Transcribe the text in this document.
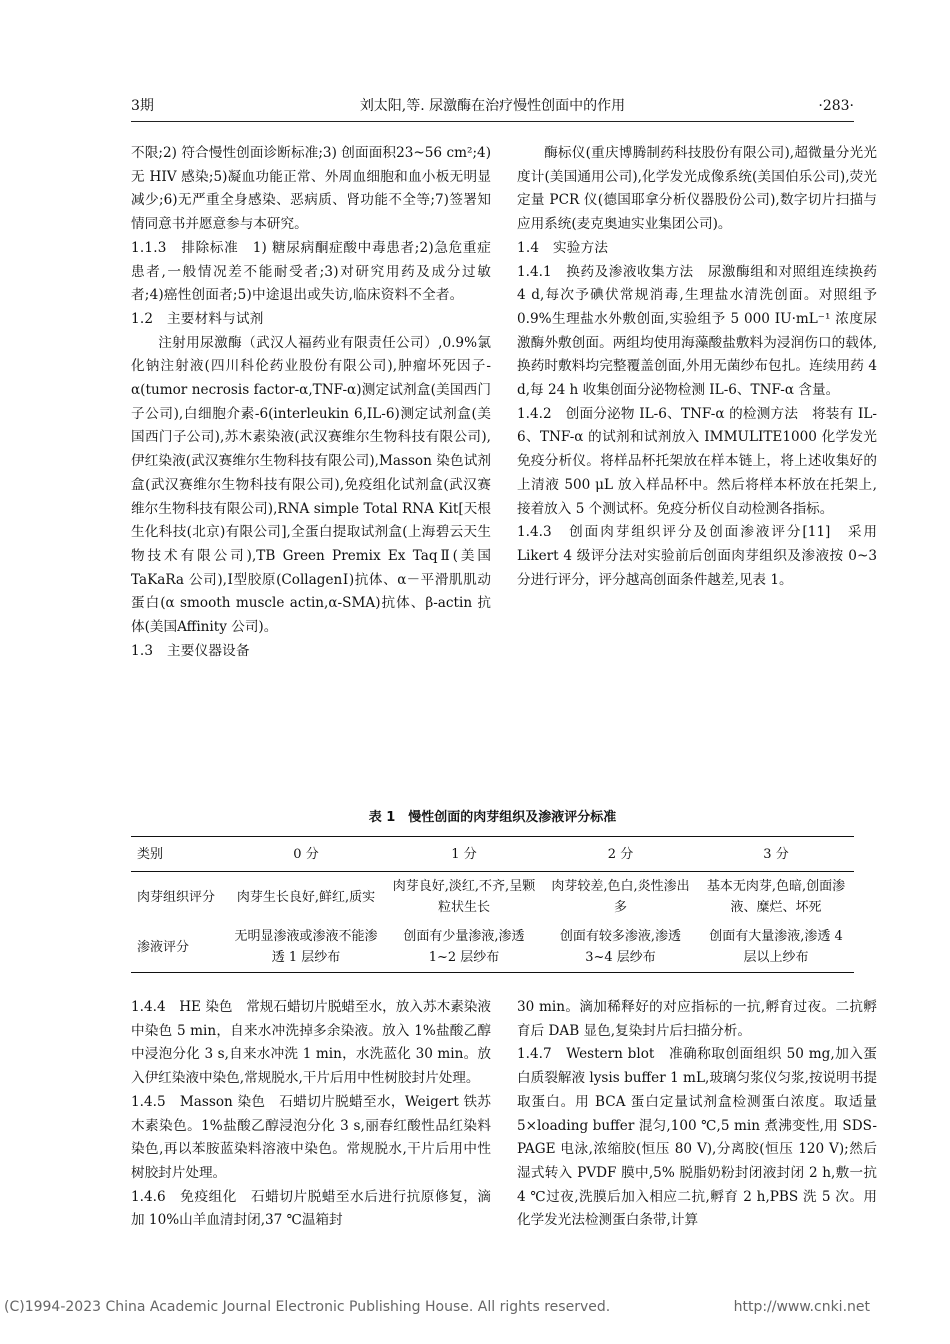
3期	刘太阳,等. 尿激酶在治疗慢性创面中的作用	·283·

不限;2) 符合慢性创面诊断标准;3) 创面面积23~56 cm²;4)无 HIV 感染;5)凝血功能正常、外周血细胞和血小板无明显减少;6)无严重全身感染、恶病质、肾功能不全等;7)签署知情同意书并愿意参与本研究。

1.1.3　排除标准　1) 糖尿病酮症酸中毒患者;2)急危重症患者,一般情况差不能耐受者;3)对研究用药及成分过敏者;4)癌性创面者;5)中途退出或失访,临床资料不全者。

1.2　主要材料与试剂

注射用尿激酶（武汉人福药业有限责任公司）,0.9%氯化钠注射液(四川科伦药业股份有限公司),肿瘤坏死因子-α(tumor necrosis factor-α,TNF-α)测定试剂盒(美国西门子公司),白细胞介素-6(interleukin 6,IL-6)测定试剂盒(美国西门子公司),苏木素染液(武汉赛维尔生物科技有限公司),伊红染液(武汉赛维尔生物科技有限公司),Masson 染色试剂盒(武汉赛维尔生物科技有限公司),免疫组化试剂盒(武汉赛维尔生物科技有限公司),RNA simple Total RNA Kit[天根生化科技(北京)有限公司],全蛋白提取试剂盒(上海碧云天生物技术有限公司),TB Green Premix Ex TaqⅡ(美国 TaKaRa 公司),Ⅰ型胶原(CollagenⅠ)抗体、α－平滑肌肌动蛋白(α smooth muscle actin,α-SMA)抗体、β-actin 抗体(美国Affinity 公司)。

1.3　主要仪器设备

酶标仪(重庆博腾制药科技股份有限公司),超微量分光光度计(美国通用公司),化学发光成像系统(美国伯乐公司),荧光定量 PCR 仪(德国耶拿分析仪器股份公司),数字切片扫描与应用系统(麦克奥迪实业集团公司)。

1.4　实验方法

1.4.1　换药及渗液收集方法　尿激酶组和对照组连续换药 4 d,每次予碘伏常规消毒,生理盐水清洗创面。对照组予 0.9%生理盐水外敷创面,实验组予 5 000 IU·mL⁻¹ 浓度尿激酶外敷创面。两组均使用海藻酸盐敷料为浸润伤口的载体,换药时敷料均完整覆盖创面,外用无菌纱布包扎。连续用药 4 d,每 24 h 收集创面分泌物检测 IL-6、TNF-α 含量。

1.4.2　创面分泌物 IL-6、TNF-α 的检测方法　将装有 IL-6、TNF-α 的试剂和试剂放入 IMMULITE1000 化学发光免疫分析仪。将样品杯托架放在样本链上，将上述收集好的上清液 500 μL 放入样品杯中。然后将样本杯放在托架上,接着放入 5 个测试杯。免疫分析仪自动检测各指标。

1.4.3　创面肉芽组织评分及创面渗液评分[11]　采用 Likert 4 级评分法对实验前后创面肉芽组织及渗液按 0~3 分进行评分，评分越高创面条件越差,见表 1。

表 1　慢性创面的肉芽组织及渗液评分标准
类别	0 分	1 分	2 分	3 分
肉芽组织评分	肉芽生长良好,鲜红,质实	肉芽良好,淡红,不齐,呈颗粒状生长	肉芽较差,色白,炎性渗出多	基本无肉芽,色暗,创面渗液、糜烂、坏死
渗液评分	无明显渗液或渗液不能渗透 1 层纱布	创面有少量渗液,渗透1~2 层纱布	创面有较多渗液,渗透3~4 层纱布	创面有大量渗液,渗透 4层以上纱布

1.4.4　HE 染色　常规石蜡切片脱蜡至水，放入苏木素染液中染色 5 min，自来水冲洗掉多余染液。放入 1%盐酸乙醇中浸泡分化 3 s,自来水冲洗 1 min，水洗蓝化 30 min。放入伊红染液中染色,常规脱水,干片后用中性树胶封片处理。

1.4.5　Masson 染色　石蜡切片脱蜡至水，Weigert 铁苏木素染色。1%盐酸乙醇浸泡分化 3 s,丽春红酸性品红染料染色,再以苯胺蓝染料溶液中染色。常规脱水,干片后用中性树胶封片处理。

1.4.6　免疫组化　石蜡切片脱蜡至水后进行抗原修复，滴加 10%山羊血清封闭,37 ℃温箱封

30 min。滴加稀释好的对应指标的一抗,孵育过夜。二抗孵育后 DAB 显色,复染封片后扫描分析。

1.4.7　Western blot　准确称取创面组织 50 mg,加入蛋白质裂解液 lysis buffer 1 mL,玻璃匀浆仪匀浆,按说明书提取蛋白。用 BCA 蛋白定量试剂盒检测蛋白浓度。取适量 5×loading buffer 混匀,100 ℃,5 min 煮沸变性,用 SDS-PAGE 电泳,浓缩胶(恒压 80 V),分离胶(恒压 120 V);然后湿式转入 PVDF 膜中,5% 脱脂奶粉封闭液封闭 2 h,敷一抗 4 ℃过夜,洗膜后加入相应二抗,孵育 2 h,PBS 洗 5 次。用化学发光法检测蛋白条带,计算

(C)1994-2023 China Academic Journal Electronic Publishing House. All rights reserved.	http://www.cnki.net
